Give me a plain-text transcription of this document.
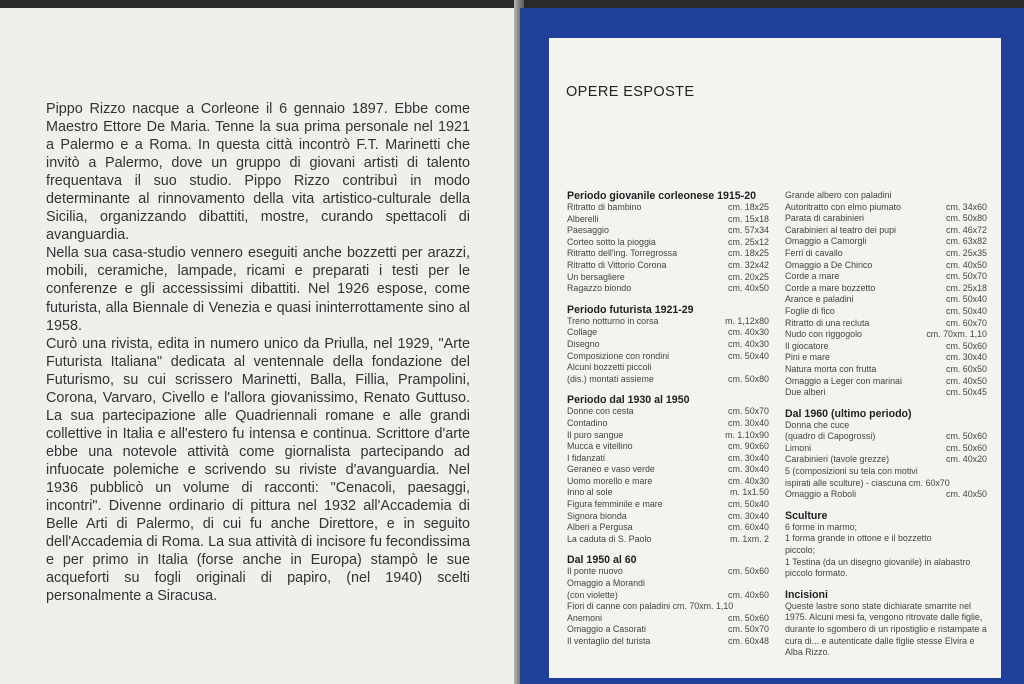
Pippo Rizzo nacque a Corleone il 6 gennaio 1897. Ebbe come Maestro Ettore De Maria. Tenne la sua prima personale nel 1921 a Palermo e a Roma. In questa città incontrò F.T. Marinetti che invitò a Palermo, dove un gruppo di giovani artisti di talento frequentava il suo studio. Pippo Rizzo contribuì in modo determinante al rinnovamento della vita artistico-culturale della Sicilia, organizzando dibattiti, mostre, curando spettacoli di avanguardia.

Nella sua casa-studio vennero eseguiti anche bozzetti per arazzi, mobili, ceramiche, lampade, ricami e preparati i testi per le conferenze e gli accessissimi dibattiti. Nel 1926 espose, come futurista, alla Biennale di Venezia e quasi ininterrottamente sino al 1958.

Curò una rivista, edita in numero unico da Priulla, nel 1929, "Arte Futurista Italiana" dedicata al ventennale della fondazione del Futurismo, su cui scrissero Marinetti, Balla, Fillia, Prampolini, Corona, Varvaro, Civello e l'allora giovanissimo, Renato Guttuso. La sua partecipazione alle Quadriennali romane e alle grandi collettive in Italia e all'estero fu intensa e continua. Scrittore d'arte ebbe una notevole attività come giornalista partecipando ad infuocate polemiche e scrivendo su riviste d'avanguardia. Nel 1936 pubblicò un volume di racconti: "Cenacoli, paesaggi, incontri". Divenne ordinario di pittura nel 1932 all'Accademia di Belle Arti di Palermo, di cui fu anche Direttore, e in seguito dell'Accademia di Roma. La sua attività di incisore fu fecondissima e per primo in Italia (forse anche in Europa) stampò le sue acqueforti su fogli originali di papiro, (nel 1940) scelti personalmente a Siracusa.

OPERE ESPOSTE
Periodo giovanile corleonese 1915-20
Ritratto di bambino	cm. 18x25
Alberelli	cm. 15x18
Paesaggio	cm. 57x34
Corteo sotto la pioggia	cm. 25x12
Ritratto dell'ing. Torregrossa	cm. 18x25
Ritratto di Vittorio Corona	cm. 32x42
Un bersagliere	cm. 20x25
Ragazzo biondo	cm. 40x50
Periodo futurista 1921-29
Treno notturno in corsa	m. 1,12x80
Collage	cm. 40x30
Disegno	cm. 40x30
Composizione con rondini	cm. 50x40
Alcuni bozzetti piccoli
(dis.) montati assieme	cm. 50x80
Periodo dal 1930 al 1950
Donne con cesta	cm. 50x70
Contadino	cm. 30x40
Il puro sangue	m. 1.10x90
Mucca e vitellino	cm. 90x60
I fidanzati	cm. 30x40
Geraneo e vaso verde	cm. 30x40
Uomo morello e mare	cm. 40x30
Inno al sole	m. 1x1.50
Figura femminile e mare	cm. 50x40
Signora bionda	cm. 30x40
Alberi a Pergusa	cm. 60x40
La caduta di S. Paolo	m. 1xm. 2
Dal 1950 al 60
Il ponte nuovo	cm. 50x60
Omaggio a Morandi
(con violette)	cm. 40x60
Fiori di canne con paladini cm. 70xm. 1,10
Anemoni	cm. 50x60
Omaggio a Casorati	cm. 50x70
Il ventaglio del turista	cm. 60x48
Grande albero con paladini
Autoritratto con elmo piumato	cm. 34x60
Parata di carabinieri	cm. 50x80
Carabinieri al teatro dei pupi	cm. 46x72
Omaggio a Camorgli	cm. 63x82
Ferri di cavallo	cm. 25x35
Omaggio a De Chirico	cm. 40x50
Corde a mare	cm. 50x70
Corde a mare bozzetto	cm. 25x18
Arance e paladini	cm. 50x40
Foglie di fico	cm. 50x40
Ritratto di una recluta	cm. 60x70
Nudo con riggogolo	cm. 70xm. 1,10
Il giocatore	cm. 50x60
Pini e mare	cm. 30x40
Natura morta con frutta	cm. 60x50
Omaggio a Leger con marinai	cm. 40x50
Due alberi	cm. 50x45
Dal 1960 (ultimo periodo)
Donna che cuce
(quadro di Capogrossi)	cm. 50x60
Limoni	cm. 50x60
Carabinieri (tavole grezze)	cm. 40x20
5 (composizioni su tela con motivi
ispirati alle sculture) - ciascuna cm. 60x70
Omaggio a Roboli	cm. 40x50
Sculture
6 forme in marmo;
1 forma grande in ottone e il bozzetto
piccolo;
1 Testina (da un disegno giovanile) in alabastro piccolo formato.
Incisioni
Queste lastre sono state dichiarate smarrite nel 1975. Alcuni mesi fa, vengono ritrovate dalle figlie, durante lo sgombero di un ripostiglio e ristampate a cura di... e autenticate dalle figlie stesse Elvira e Alba Rizzo.
